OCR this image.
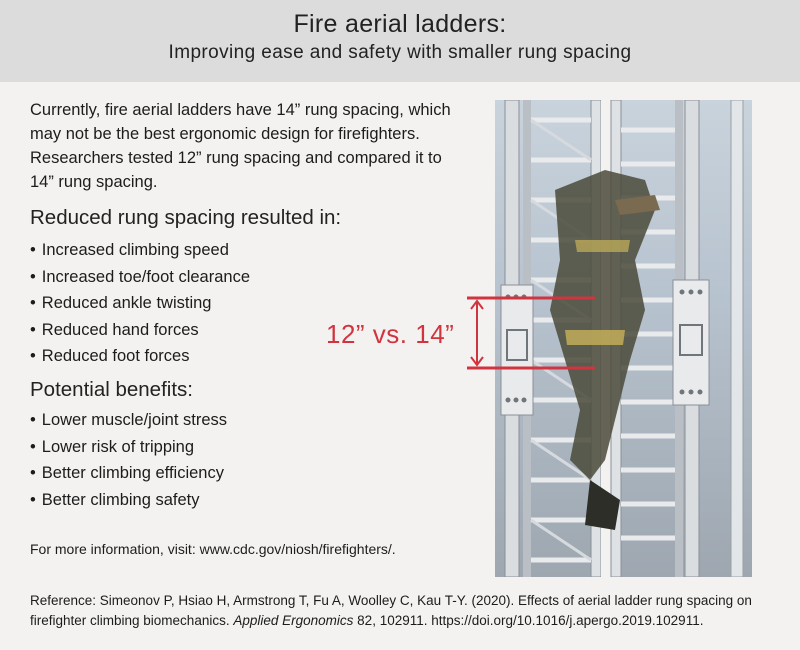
Fire aerial ladders:
Improving ease and safety with smaller rung spacing
Currently, fire aerial ladders have 14” rung spacing, which may not be the best ergonomic design for firefighters. Researchers tested 12” rung spacing and compared it to 14” rung spacing.
Reduced rung spacing resulted in:
• Increased climbing speed
• Increased toe/foot clearance
• Reduced ankle twisting
• Reduced hand forces
• Reduced foot forces
Potential benefits:
• Lower muscle/joint stress
• Lower risk of tripping
• Better climbing efficiency
• Better climbing safety
For more information, visit: www.cdc.gov/niosh/firefighters/.
Reference: Simeonov P, Hsiao H, Armstrong T, Fu A, Woolley C, Kau T-Y. (2020). Effects of aerial ladder rung spacing on firefighter climbing biomechanics. Applied Ergonomics 82, 102911. https://doi.org/10.1016/j.apergo.2019.102911.
12” vs. 14”
